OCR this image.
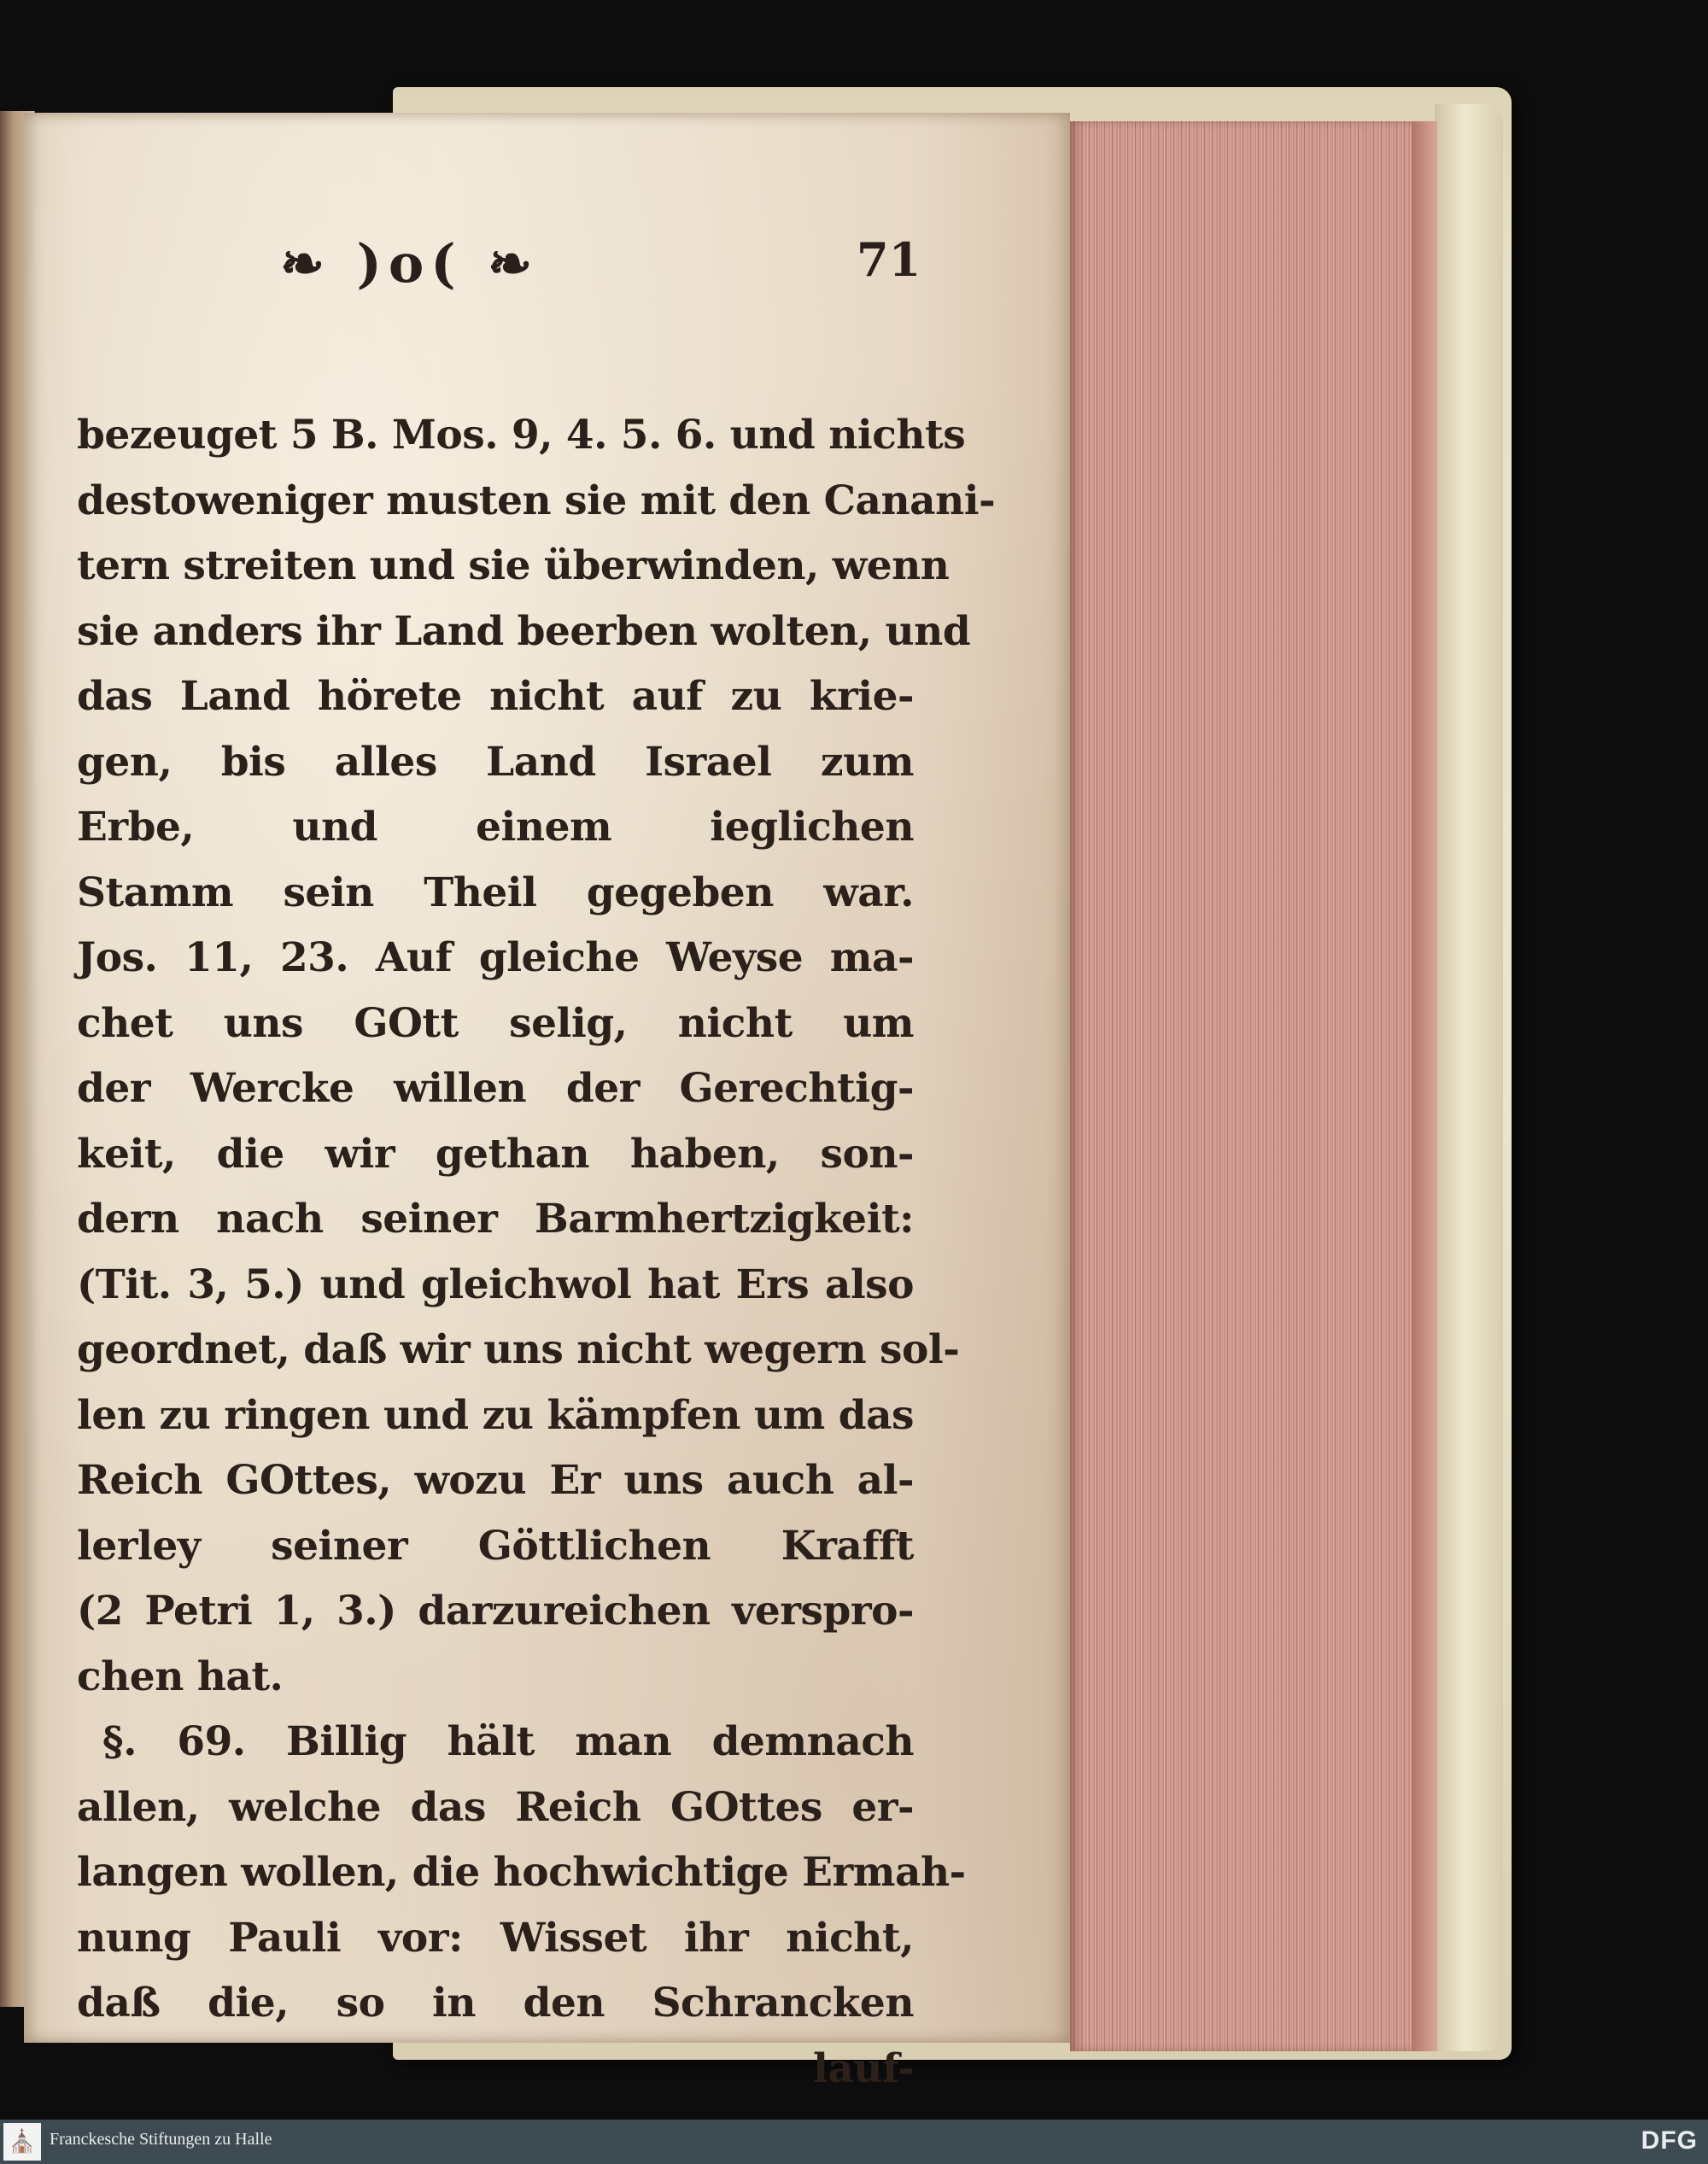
❧ )o( ❧	71
bezeuget 5 B. Mos. 9, 4. 5. 6. und nichts
destoweniger musten sie mit den Canani-
tern streiten und sie überwinden, wenn
sie anders ihr Land beerben wolten, und
das Land hörete nicht auf zu krie-
gen, bis alles Land Israel zum
Erbe, und einem ieglichen
Stamm sein Theil gegeben war.
Jos. 11, 23. Auf gleiche Weyse ma-
chet uns GOtt selig, nicht um
der Wercke willen der Gerechtig-
keit, die wir gethan haben, son-
dern nach seiner Barmhertzigkeit:
(Tit. 3, 5.) und gleichwol hat Ers also
geordnet, daß wir uns nicht wegern sol-
len zu ringen und zu kämpfen um das
Reich GOttes, wozu Er uns auch al-
lerley seiner Göttlichen Krafft
(2 Petri 1, 3.) darzureichen verspro-
chen hat.
§. 69. Billig hält man demnach
allen, welche das Reich GOttes er-
langen wollen, die hochwichtige Ermah-
nung Pauli vor: Wisset ihr nicht,
daß die, so in den Schrancken
lauf-
⛪ Franckesche Stiftungen zu Halle	DFG
